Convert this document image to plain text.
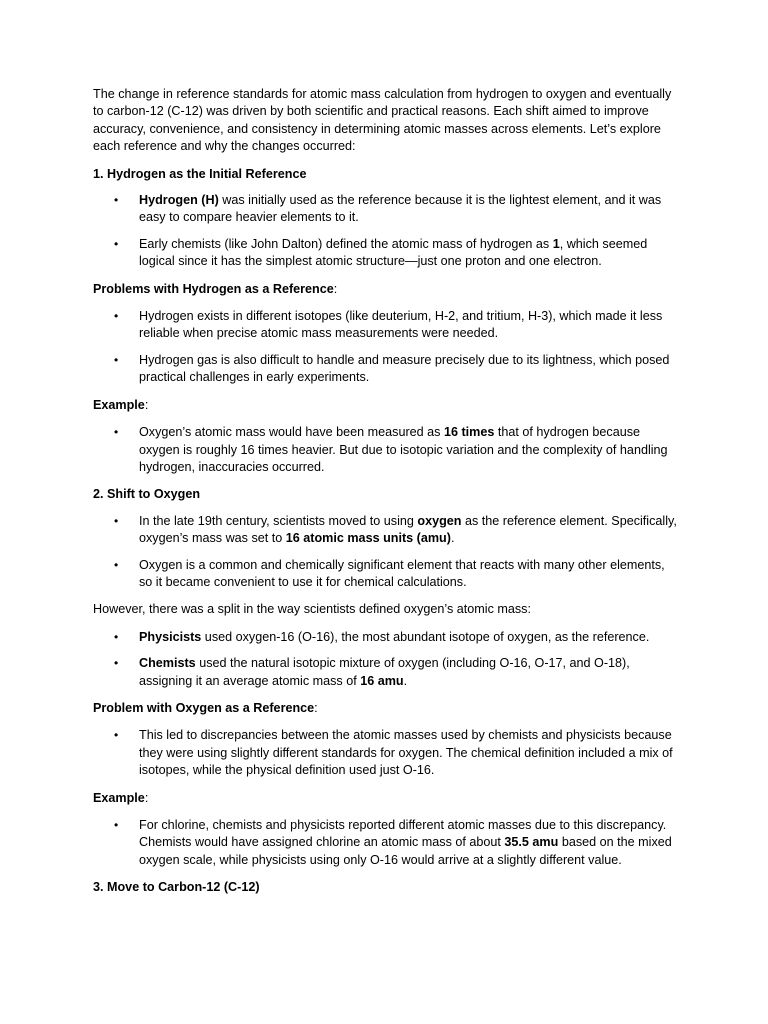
The change in reference standards for atomic mass calculation from hydrogen to oxygen and eventually to carbon-12 (C-12) was driven by both scientific and practical reasons. Each shift aimed to improve accuracy, convenience, and consistency in determining atomic masses across elements. Let’s explore each reference and why the changes occurred:

1. Hydrogen as the Initial Reference

• Hydrogen (H) was initially used as the reference because it is the lightest element, and it was easy to compare heavier elements to it.
• Early chemists (like John Dalton) defined the atomic mass of hydrogen as 1, which seemed logical since it has the simplest atomic structure—just one proton and one electron.

Problems with Hydrogen as a Reference:

• Hydrogen exists in different isotopes (like deuterium, H-2, and tritium, H-3), which made it less reliable when precise atomic mass measurements were needed.
• Hydrogen gas is also difficult to handle and measure precisely due to its lightness, which posed practical challenges in early experiments.

Example:

• Oxygen’s atomic mass would have been measured as 16 times that of hydrogen because oxygen is roughly 16 times heavier. But due to isotopic variation and the complexity of handling hydrogen, inaccuracies occurred.

2. Shift to Oxygen

• In the late 19th century, scientists moved to using oxygen as the reference element. Specifically, oxygen’s mass was set to 16 atomic mass units (amu).
• Oxygen is a common and chemically significant element that reacts with many other elements, so it became convenient to use it for chemical calculations.

However, there was a split in the way scientists defined oxygen’s atomic mass:

• Physicists used oxygen-16 (O-16), the most abundant isotope of oxygen, as the reference.
• Chemists used the natural isotopic mixture of oxygen (including O-16, O-17, and O-18), assigning it an average atomic mass of 16 amu.

Problem with Oxygen as a Reference:

• This led to discrepancies between the atomic masses used by chemists and physicists because they were using slightly different standards for oxygen. The chemical definition included a mix of isotopes, while the physical definition used just O-16.

Example:

• For chlorine, chemists and physicists reported different atomic masses due to this discrepancy. Chemists would have assigned chlorine an atomic mass of about 35.5 amu based on the mixed oxygen scale, while physicists using only O-16 would arrive at a slightly different value.

3. Move to Carbon-12 (C-12)
